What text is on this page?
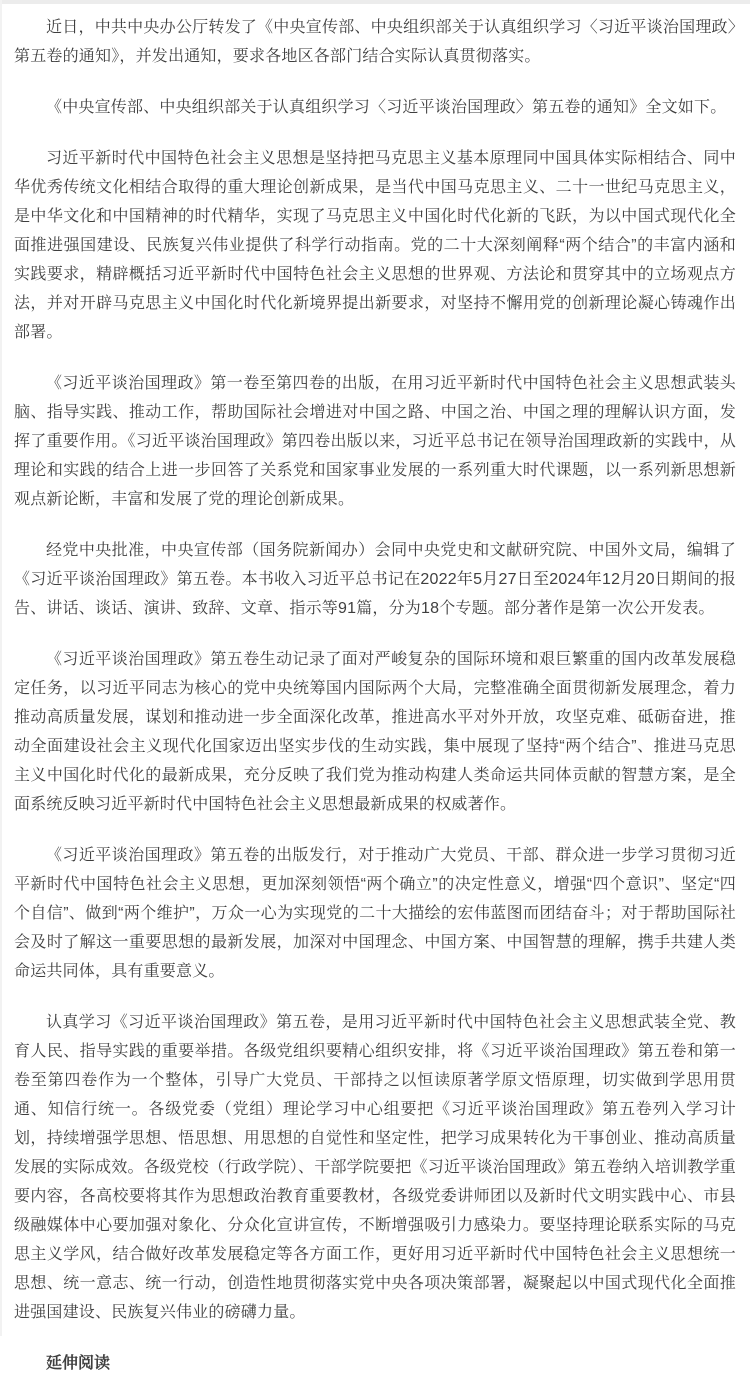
近日，中共中央办公厅转发了《中央宣传部、中央组织部关于认真组织学习〈习近平谈治国理政〉第五卷的通知》，并发出通知，要求各地区各部门结合实际认真贯彻落实。

《中央宣传部、中央组织部关于认真组织学习〈习近平谈治国理政〉第五卷的通知》全文如下。

习近平新时代中国特色社会主义思想是坚持把马克思主义基本原理同中国具体实际相结合、同中华优秀传统文化相结合取得的重大理论创新成果，是当代中国马克思主义、二十一世纪马克思主义，是中华文化和中国精神的时代精华，实现了马克思主义中国化时代化新的飞跃，为以中国式现代化全面推进强国建设、民族复兴伟业提供了科学行动指南。党的二十大深刻阐释“两个结合”的丰富内涵和实践要求，精辟概括习近平新时代中国特色社会主义思想的世界观、方法论和贯穿其中的立场观点方法，并对开辟马克思主义中国化时代化新境界提出新要求，对坚持不懈用党的创新理论凝心铸魂作出部署。

《习近平谈治国理政》第一卷至第四卷的出版，在用习近平新时代中国特色社会主义思想武装头脑、指导实践、推动工作，帮助国际社会增进对中国之路、中国之治、中国之理的理解认识方面，发挥了重要作用。《习近平谈治国理政》第四卷出版以来，习近平总书记在领导治国理政新的实践中，从理论和实践的结合上进一步回答了关系党和国家事业发展的一系列重大时代课题，以一系列新思想新观点新论断，丰富和发展了党的理论创新成果。

经党中央批准，中央宣传部（国务院新闻办）会同中央党史和文献研究院、中国外文局，编辑了《习近平谈治国理政》第五卷。本书收入习近平总书记在2022年5月27日至2024年12月20日期间的报告、讲话、谈话、演讲、致辞、文章、指示等91篇，分为18个专题。部分著作是第一次公开发表。

《习近平谈治国理政》第五卷生动记录了面对严峻复杂的国际环境和艰巨繁重的国内改革发展稳定任务，以习近平同志为核心的党中央统筹国内国际两个大局，完整准确全面贯彻新发展理念，着力推动高质量发展，谋划和推动进一步全面深化改革，推进高水平对外开放，攻坚克难、砥砺奋进，推动全面建设社会主义现代化国家迈出坚实步伐的生动实践，集中展现了坚持“两个结合”、推进马克思主义中国化时代化的最新成果，充分反映了我们党为推动构建人类命运共同体贡献的智慧方案，是全面系统反映习近平新时代中国特色社会主义思想最新成果的权威著作。

《习近平谈治国理政》第五卷的出版发行，对于推动广大党员、干部、群众进一步学习贯彻习近平新时代中国特色社会主义思想，更加深刻领悟“两个确立”的决定性意义，增强“四个意识”、坚定“四个自信”、做到“两个维护”，万众一心为实现党的二十大描绘的宏伟蓝图而团结奋斗；对于帮助国际社会及时了解这一重要思想的最新发展，加深对中国理念、中国方案、中国智慧的理解，携手共建人类命运共同体，具有重要意义。

认真学习《习近平谈治国理政》第五卷，是用习近平新时代中国特色社会主义思想武装全党、教育人民、指导实践的重要举措。各级党组织要精心组织安排，将《习近平谈治国理政》第五卷和第一卷至第四卷作为一个整体，引导广大党员、干部持之以恒读原著学原文悟原理，切实做到学思用贯通、知信行统一。各级党委（党组）理论学习中心组要把《习近平谈治国理政》第五卷列入学习计划，持续增强学思想、悟思想、用思想的自觉性和坚定性，把学习成果转化为干事创业、推动高质量发展的实际成效。各级党校（行政学院）、干部学院要把《习近平谈治国理政》第五卷纳入培训教学重要内容，各高校要将其作为思想政治教育重要教材，各级党委讲师团以及新时代文明实践中心、市县级融媒体中心要加强对象化、分众化宣讲宣传，不断增强吸引力感染力。要坚持理论联系实际的马克思主义学风，结合做好改革发展稳定等各方面工作，更好用习近平新时代中国特色社会主义思想统一思想、统一意志、统一行动，创造性地贯彻落实党中央各项决策部署，凝聚起以中国式现代化全面推进强国建设、民族复兴伟业的磅礴力量。

延伸阅读
